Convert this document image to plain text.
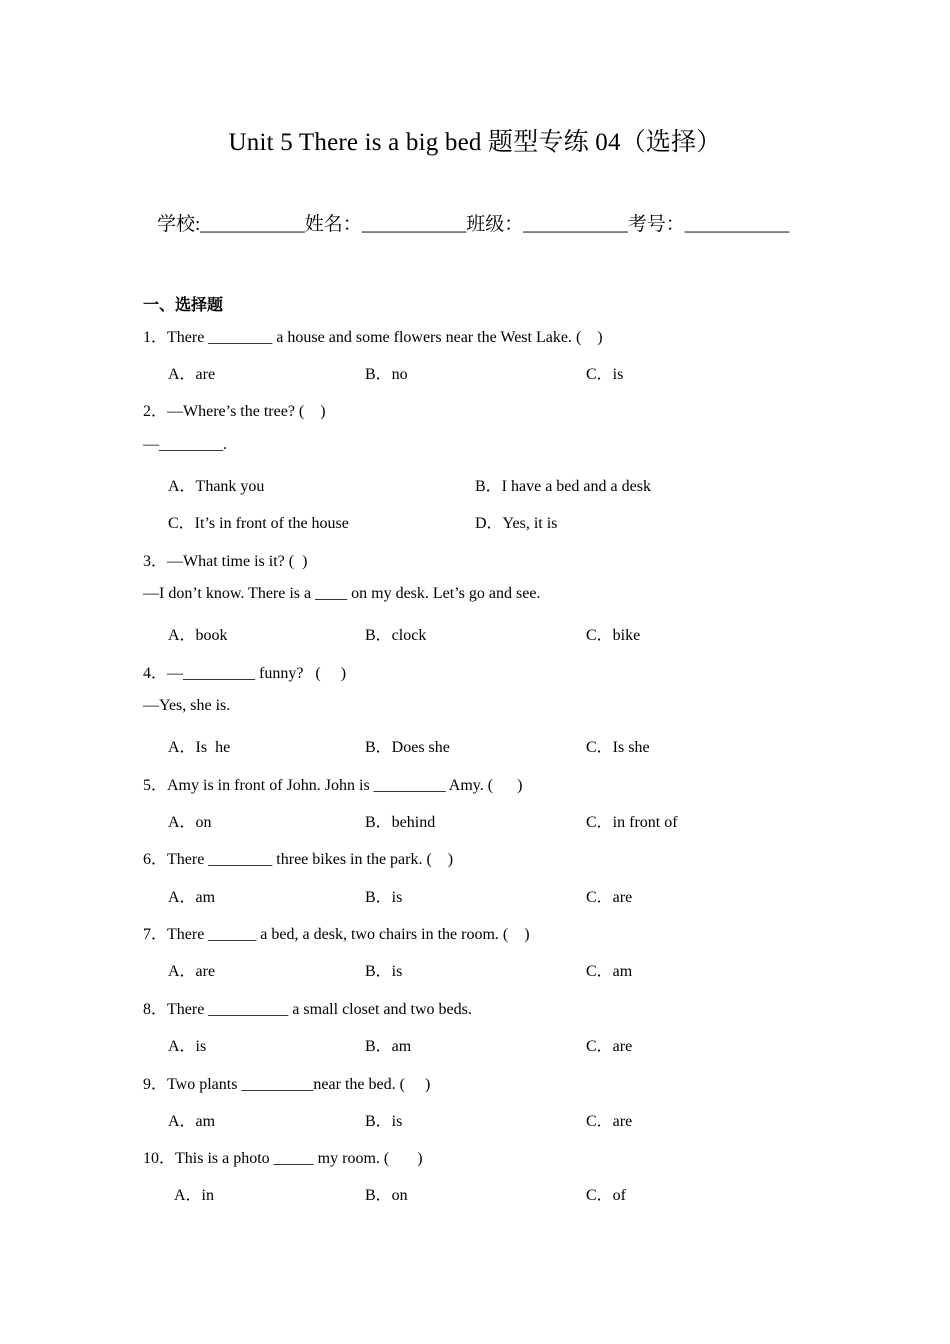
Unit 5 There is a big bed 题型专练 04（选择）
学校:___________姓名：___________班级：___________考号：___________
一、选择题
1．There ________ a house and some flowers near the West Lake. (    )
2．—Where’s the tree? (    )
—________.
3．—What time is it? (  )
—I don’t know. There is a ____ on my desk. Let’s go and see.
4．—_________ funny?   (     )
—Yes, she is.
5．Amy is in front of John. John is _________ Amy. (      )
6．There ________ three bikes in the park. (    )
7．There ______ a bed, a desk, two chairs in the room. (    )
8．There __________ a small closet and two beds.
9．Two plants _________near the bed. (     )
10．This is a photo _____ my room. (       )
A．are	B．no	C．is
A．Thank you	B．I have a bed and a desk
C．It’s in front of the house	D．Yes, it is
A．book	B．clock	C．bike
A．Is  he	B．Does she	C．Is she
A．on	B．behind	C．in front of
A．am	B．is	C．are
A．are	B．is	C．am
A．is	B．am	C．are
A．am	B．is	C．are
A．in	B．on	C．of
